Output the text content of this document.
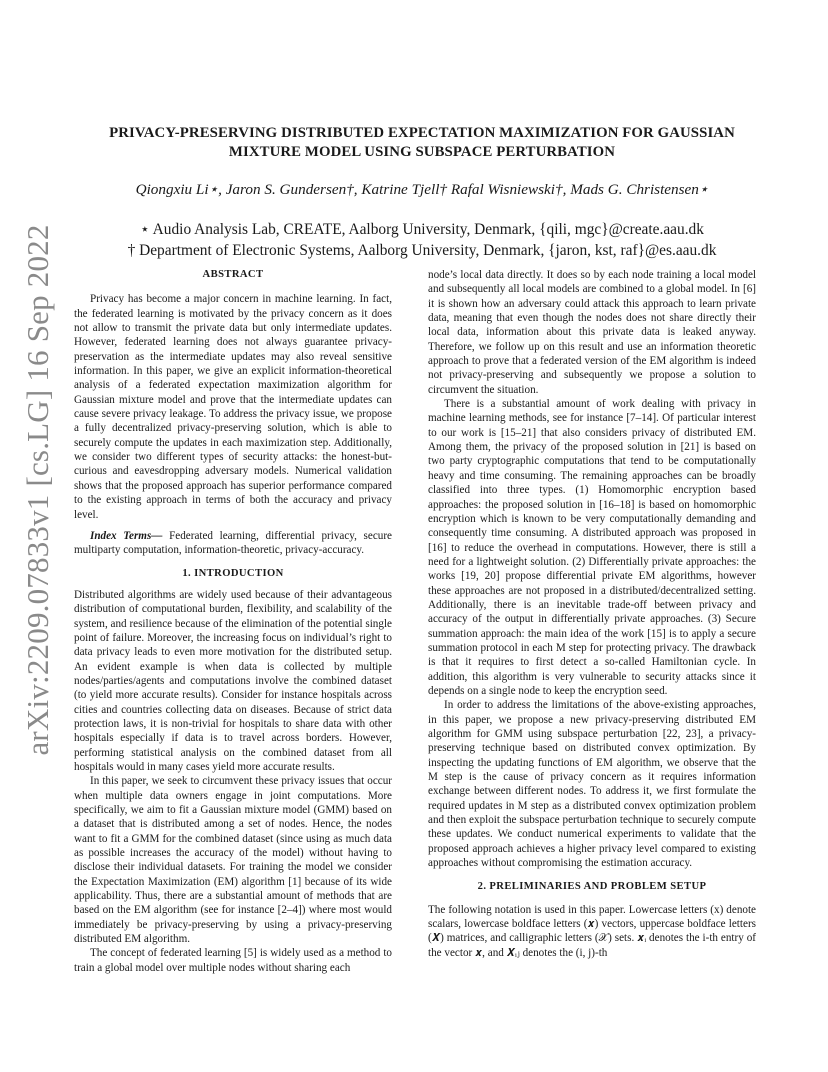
arXiv:2209.07833v1 [cs.LG] 16 Sep 2022
PRIVACY-PRESERVING DISTRIBUTED EXPECTATION MAXIMIZATION FOR GAUSSIAN MIXTURE MODEL USING SUBSPACE PERTURBATION
Qiongxiu Li⋆, Jaron S. Gundersen†, Katrine Tjell† Rafal Wisniewski†, Mads G. Christensen⋆
⋆ Audio Analysis Lab, CREATE, Aalborg University, Denmark, {qili, mgc}@create.aau.dk
† Department of Electronic Systems, Aalborg University, Denmark, {jaron, kst, raf}@es.aau.dk
ABSTRACT

Privacy has become a major concern in machine learning. In fact, the federated learning is motivated by the privacy concern as it does not allow to transmit the private data but only intermediate updates. However, federated learning does not always guarantee privacy-preservation as the intermediate updates may also reveal sensitive information. In this paper, we give an explicit information-theoretical analysis of a federated expectation maximization algorithm for Gaussian mixture model and prove that the intermediate updates can cause severe privacy leakage. To address the privacy issue, we propose a fully decentralized privacy-preserving solution, which is able to securely compute the updates in each maximization step. Additionally, we consider two different types of security attacks: the honest-but-curious and eavesdropping adversary models. Numerical validation shows that the proposed approach has superior performance compared to the existing approach in terms of both the accuracy and privacy level.

Index Terms— Federated learning, differential privacy, secure multiparty computation, information-theoretic, privacy-accuracy.

1. INTRODUCTION

Distributed algorithms are widely used because of their advantageous distribution of computational burden, flexibility, and scalability of the system, and resilience because of the elimination of the potential single point of failure. Moreover, the increasing focus on individual’s right to data privacy leads to even more motivation for the distributed setup. An evident example is when data is collected by multiple nodes/parties/agents and computations involve the combined dataset (to yield more accurate results). Consider for instance hospitals across cities and countries collecting data on diseases. Because of strict data protection laws, it is non-trivial for hospitals to share data with other hospitals especially if data is to travel across borders. However, performing statistical analysis on the combined dataset from all hospitals would in many cases yield more accurate results.

In this paper, we seek to circumvent these privacy issues that occur when multiple data owners engage in joint computations. More specifically, we aim to fit a Gaussian mixture model (GMM) based on a dataset that is distributed among a set of nodes. Hence, the nodes want to fit a GMM for the combined dataset (since using as much data as possible increases the accuracy of the model) without having to disclose their individual datasets. For training the model we consider the Expectation Maximization (EM) algorithm [1] because of its wide applicability. Thus, there are a substantial amount of methods that are based on the EM algorithm (see for instance [2–4]) where most would immediately be privacy-preserving by using a privacy-preserving distributed EM algorithm.

The concept of federated learning [5] is widely used as a method to train a global model over multiple nodes without sharing each

node’s local data directly. It does so by each node training a local model and subsequently all local models are combined to a global model. In [6] it is shown how an adversary could attack this approach to learn private data, meaning that even though the nodes does not share directly their local data, information about this private data is leaked anyway. Therefore, we follow up on this result and use an information theoretic approach to prove that a federated version of the EM algorithm is indeed not privacy-preserving and subsequently we propose a solution to circumvent the situation.

There is a substantial amount of work dealing with privacy in machine learning methods, see for instance [7–14]. Of particular interest to our work is [15–21] that also considers privacy of distributed EM. Among them, the privacy of the proposed solution in [21] is based on two party cryptographic computations that tend to be computationally heavy and time consuming. The remaining approaches can be broadly classified into three types. (1) Homomorphic encryption based approaches: the proposed solution in [16–18] is based on homomorphic encryption which is known to be very computationally demanding and consequently time consuming. A distributed approach was proposed in [16] to reduce the overhead in computations. However, there is still a need for a lightweight solution. (2) Differentially private approaches: the works [19, 20] propose differential private EM algorithms, however these approaches are not proposed in a distributed/decentralized setting. Additionally, there is an inevitable trade-off between privacy and accuracy of the output in differentially private approaches. (3) Secure summation approach: the main idea of the work [15] is to apply a secure summation protocol in each M step for protecting privacy. The drawback is that it requires to first detect a so-called Hamiltonian cycle. In addition, this algorithm is very vulnerable to security attacks since it depends on a single node to keep the encryption seed.

In order to address the limitations of the above-existing approaches, in this paper, we propose a new privacy-preserving distributed EM algorithm for GMM using subspace perturbation [22, 23], a privacy-preserving technique based on distributed convex optimization. By inspecting the updating functions of EM algorithm, we observe that the M step is the cause of privacy concern as it requires information exchange between different nodes. To address it, we first formulate the required updates in M step as a distributed convex optimization problem and then exploit the subspace perturbation technique to securely compute these updates. We conduct numerical experiments to validate that the proposed approach achieves a higher privacy level compared to existing approaches without compromising the estimation accuracy.

2. PRELIMINARIES AND PROBLEM SETUP

The following notation is used in this paper. Lowercase letters (x) denote scalars, lowercase boldface letters (𝒙) vectors, uppercase boldface letters (𝑿) matrices, and calligraphic letters (𝒳) sets. 𝒙ᵢ denotes the i-th entry of the vector 𝒙, and 𝑿ᵢⱼ denotes the (i, j)-th
